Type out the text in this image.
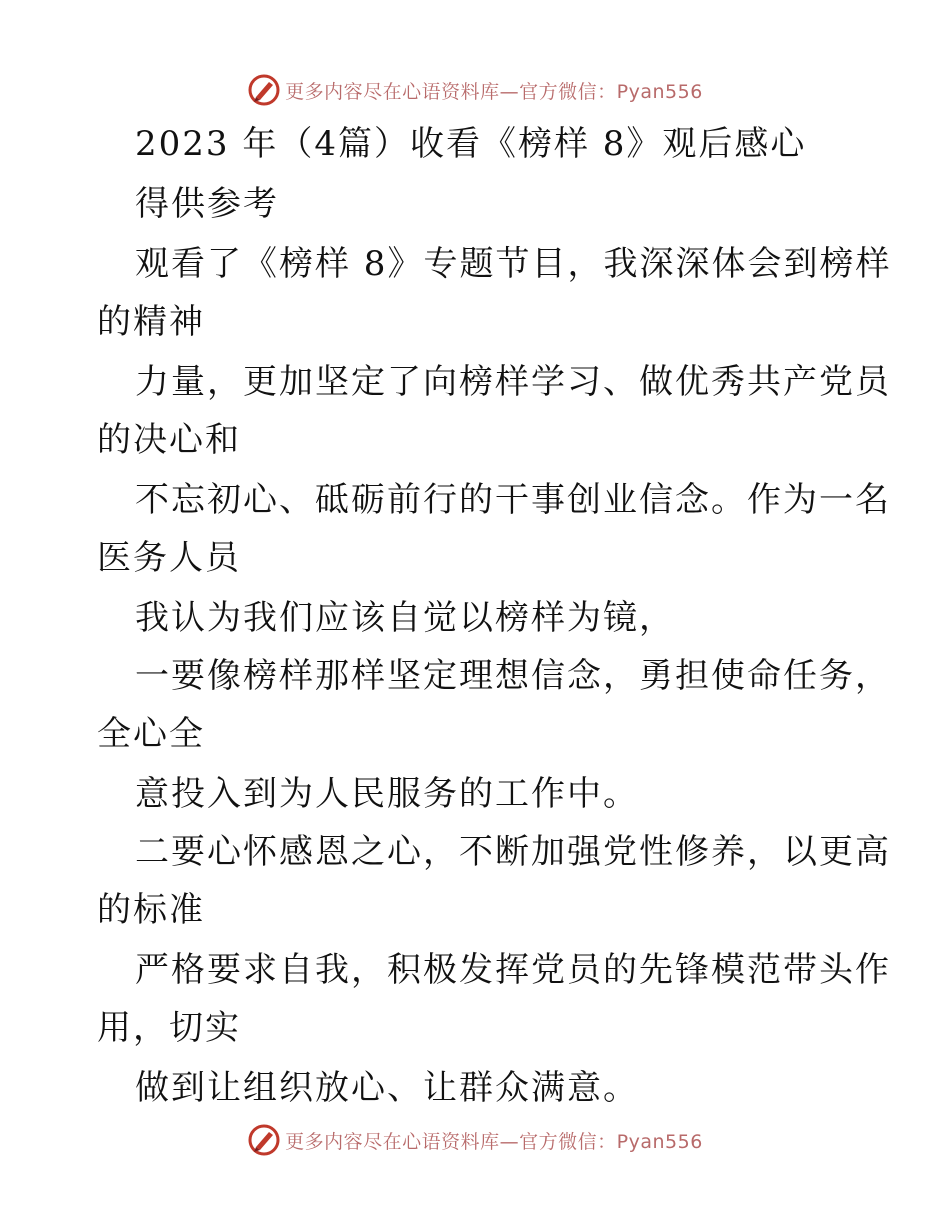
更多内容尽在心语资料库—官方微信：Pyan556
2023 年（4篇）收看《榜样 8》观后感心
得供参考
观看了《榜样 8》专题节目，我深深体会到榜样
的精神
力量，更加坚定了向榜样学习、做优秀共产党员
的决心和
不忘初心、砥砺前行的干事创业信念。作为一名
医务人员
我认为我们应该自觉以榜样为镜，
一要像榜样那样坚定理想信念，勇担使命任务，
全心全
意投入到为人民服务的工作中。
二要心怀感恩之心，不断加强党性修养，以更高
的标准
严格要求自我，积极发挥党员的先锋模范带头作
用，切实
做到让组织放心、让群众满意。
更多内容尽在心语资料库—官方微信：Pyan556
